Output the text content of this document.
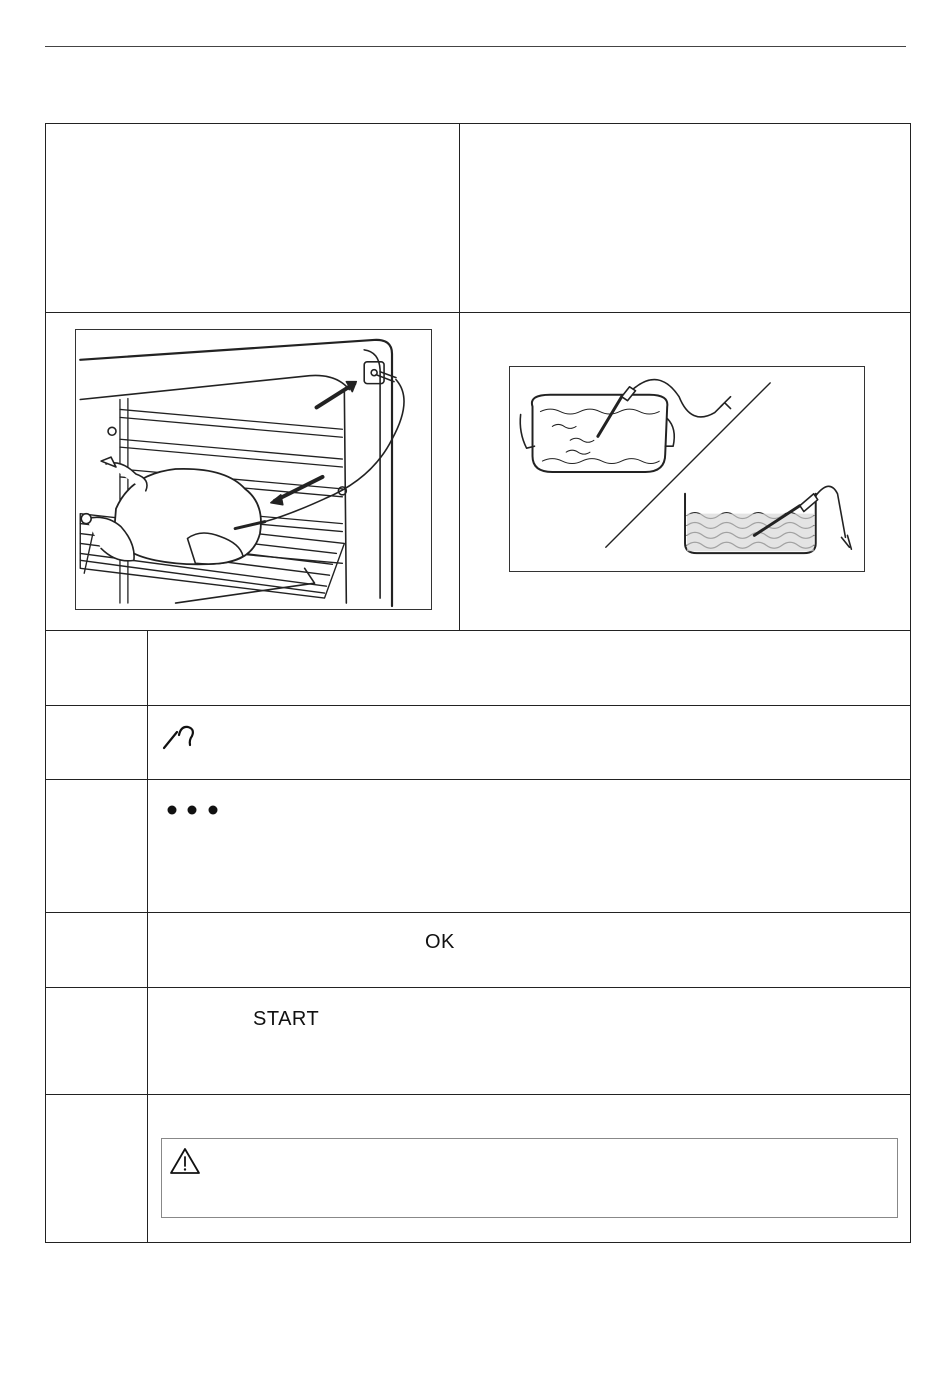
OK
START
